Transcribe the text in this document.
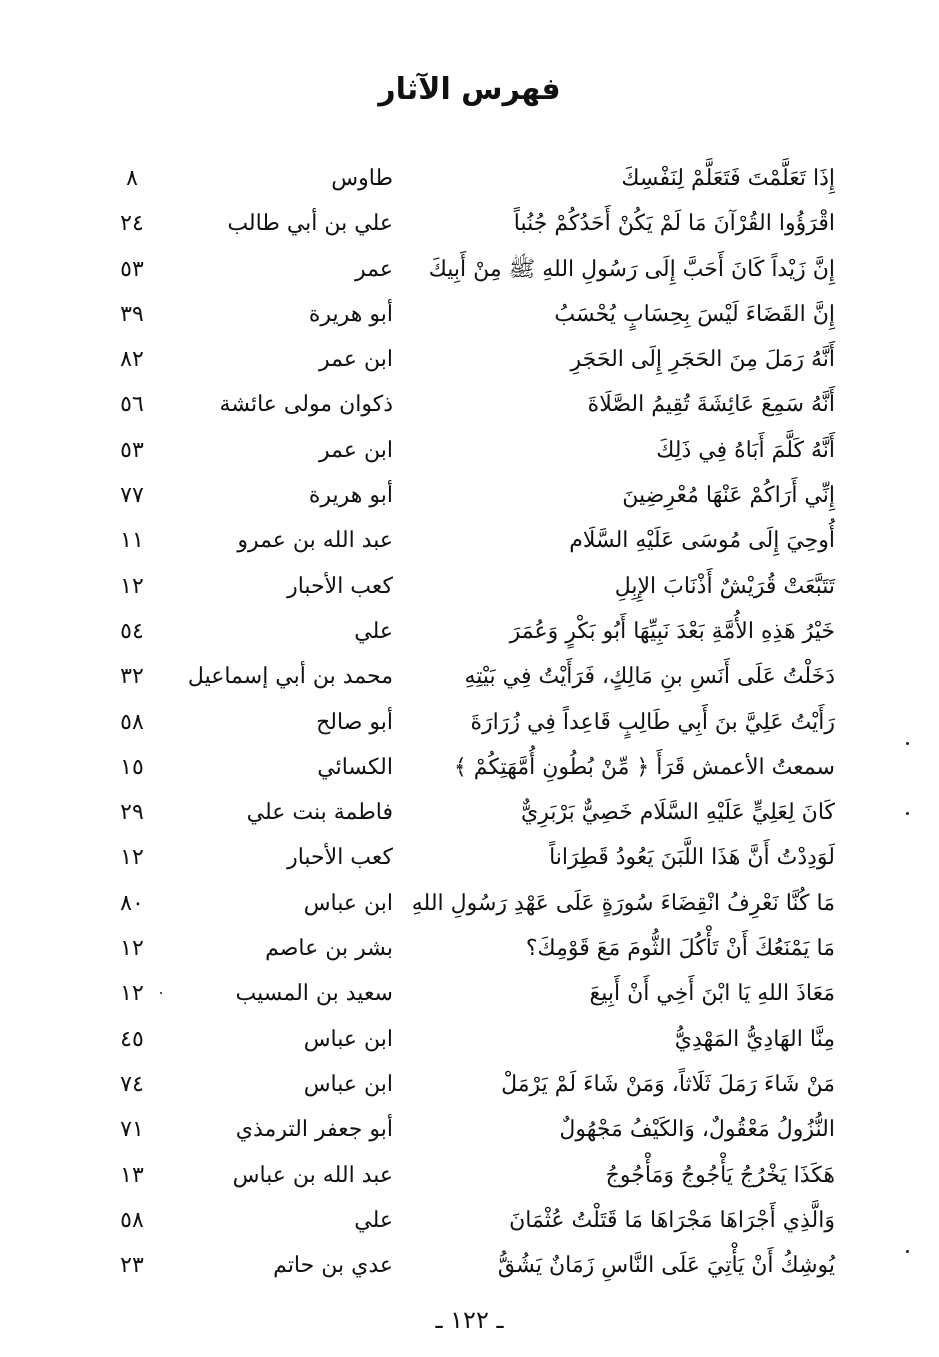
فهرس الآثار
إِذَا تَعَلَّمْتَ فَتَعَلَّمْ لِنَفْسِكَ
طاوس
٨
اقْرَؤُوا القُرْآنَ مَا لَمْ يَكُنْ أَحَدُكُمْ جُنُباً
علي بن أبي طالب
٢٤
إِنَّ زَيْداً كَانَ أَحَبَّ إِلَى رَسُولِ اللهِ ﷺ مِنْ أَبِيكَ
عمر
٥٣
إِنَّ القَضَاءَ لَيْسَ بِحِسَابٍ يُحْسَبُ
أبو هريرة
٣٩
أَنَّهُ رَمَلَ مِنَ الحَجَرِ إِلَى الحَجَرِ
ابن عمر
٨٢
أَنَّهُ سَمِعَ عَائِشَةَ تُقِيمُ الصَّلَاةَ
ذكوان مولى عائشة
٥٦
أَنَّهُ كَلَّمَ أَبَاهُ فِي ذَلِكَ
ابن عمر
٥٣
إِنِّي أَرَاكُمْ عَنْهَا مُعْرِضِينَ
أبو هريرة
٧٧
أُوحِيَ إِلَى مُوسَى عَلَيْهِ السَّلَام
عبد الله بن عمرو
١١
تَتَبَّعَتْ قُرَيْشٌ أَذْنَابَ الإِبِلِ
كعب الأحبار
١٢
خَيْرُ هَذِهِ الأُمَّةِ بَعْدَ نَبِيِّهَا أَبُو بَكْرٍ وَعُمَرَ
علي
٥٤
دَخَلْتُ عَلَى أَنَسِ بنِ مَالِكٍ، فَرَأَيْتُ فِي بَيْتِهِ
محمد بن أبي إسماعيل
٣٢
رَأَيْتُ عَلِيَّ بنَ أَبِي طَالِبٍ قَاعِداً فِي زُرَارَةَ
أبو صالح
٥٨
سمعتُ الأعمش قَرَأَ ﴿ مِّنْ بُطُونِ أُمَّهَتِكُمْ ﴾
الكسائي
١٥
كَانَ لِعَلِيٍّ عَلَيْهِ السَّلَام خَصِيٌّ بَرْبَرِيٌّ
فاطمة بنت علي
٢٩
لَوَدِدْتُ أَنَّ هَذَا اللَّبَنَ يَعُودُ قَطِرَاناً
كعب الأحبار
١٢
مَا كُنَّا نَعْرِفُ انْقِضَاءَ سُورَةٍ عَلَى عَهْدِ رَسُولِ اللهِ
ابن عباس
٨٠
مَا يَمْنَعُكَ أَنْ تَأْكُلَ الثُّومَ مَعَ قَوْمِكَ؟
بشر بن عاصم
١٢
مَعَاذَ اللهِ يَا ابْنَ أَخِي أَنْ أَبِيعَ
سعيد بن المسيب
١٢
مِنَّا الهَادِيُّ المَهْدِيُّ
ابن عباس
٤٥
مَنْ شَاءَ رَمَلَ ثَلَاثاً، وَمَنْ شَاءَ لَمْ يَرْمَلْ
ابن عباس
٧٤
النُّزُولُ مَعْقُولٌ، وَالكَيْفُ مَجْهُولٌ
أبو جعفر الترمذي
٧١
هَكَذَا يَخْرُجُ يَأْجُوجُ وَمَأْجُوجُ
عبد الله بن عباس
١٣
وَالَّذِي أَجْرَاهَا مَجْرَاهَا مَا قَتَلْتُ عُثْمَانَ
علي
٥٨
يُوشِكُ أَنْ يَأْتِيَ عَلَى النَّاسِ زَمَانٌ يَشُقُّ
عدي بن حاتم
٢٣
ـ ١٢٢ ـ
